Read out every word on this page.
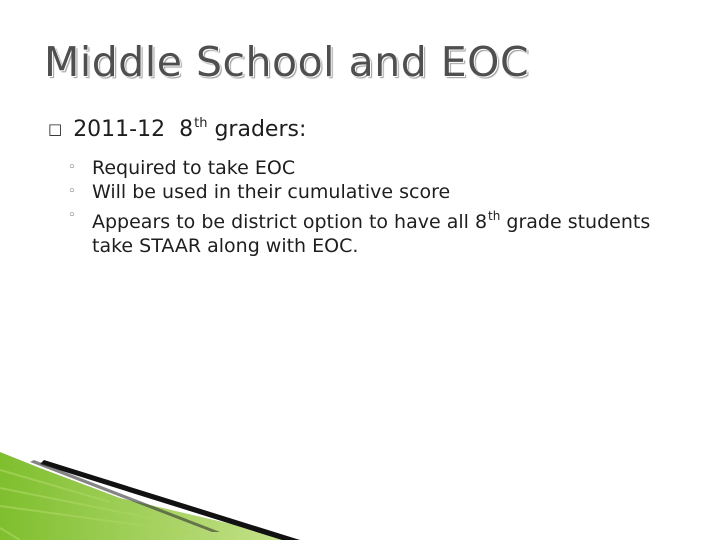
Middle School and EOC
□ 2011-12 8th graders:
◦ Required to take EOC
◦ Will be used in their cumulative score
◦ Appears to be district option to have all 8th grade students take STAAR along with EOC.
